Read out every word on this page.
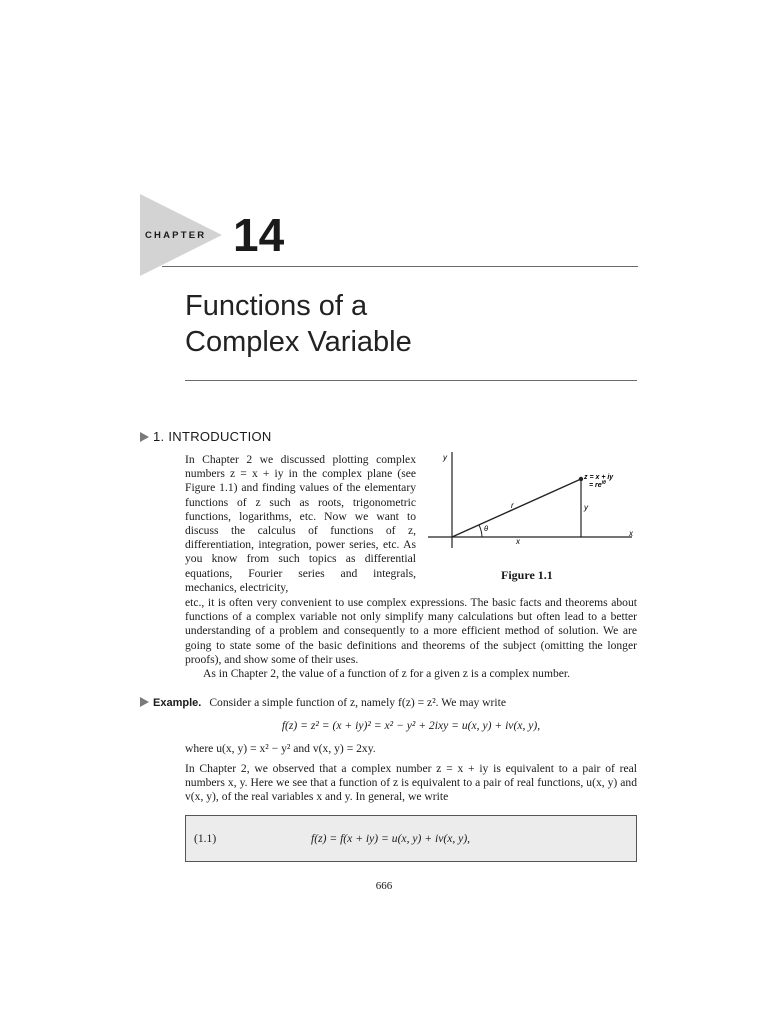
CHAPTER 14
Functions of a
Complex Variable
1. INTRODUCTION
In Chapter 2 we discussed plotting complex numbers z = x + iy in the complex plane (see Figure 1.1) and finding values of the elementary functions of z such as roots, trigonometric functions, logarithms, etc. Now we want to discuss the calculus of functions of z, differentiation, integration, power series, etc. As you know from such topics as differential equations, Fourier series and integrals, mechanics, electricity,
y
x
r
θ
x
y
z = x + iy
= $re^{i\theta}$
Figure 1.1
etc., it is often very convenient to use complex expressions. The basic facts and theorems about functions of a complex variable not only simplify many calculations but often lead to a better understanding of a problem and consequently to a more efficient method of solution. We are going to state some of the basic definitions and theorems of the subject (omitting the longer proofs), and show some of their uses.
As in Chapter 2, the value of a function of z for a given z is a complex number.
Example. Consider a simple function of z, namely f(z) = z². We may write
f(z) = z² = (x + iy)² = x² − y² + 2ixy = u(x, y) + iv(x, y),
where u(x, y) = x² − y² and v(x, y) = 2xy.
In Chapter 2, we observed that a complex number z = x + iy is equivalent to a pair of real numbers x, y. Here we see that a function of z is equivalent to a pair of real functions, u(x, y) and v(x, y), of the real variables x and y. In general, we write
(1.1)	f(z) = f(x + iy) = u(x, y) + iv(x, y),
666
